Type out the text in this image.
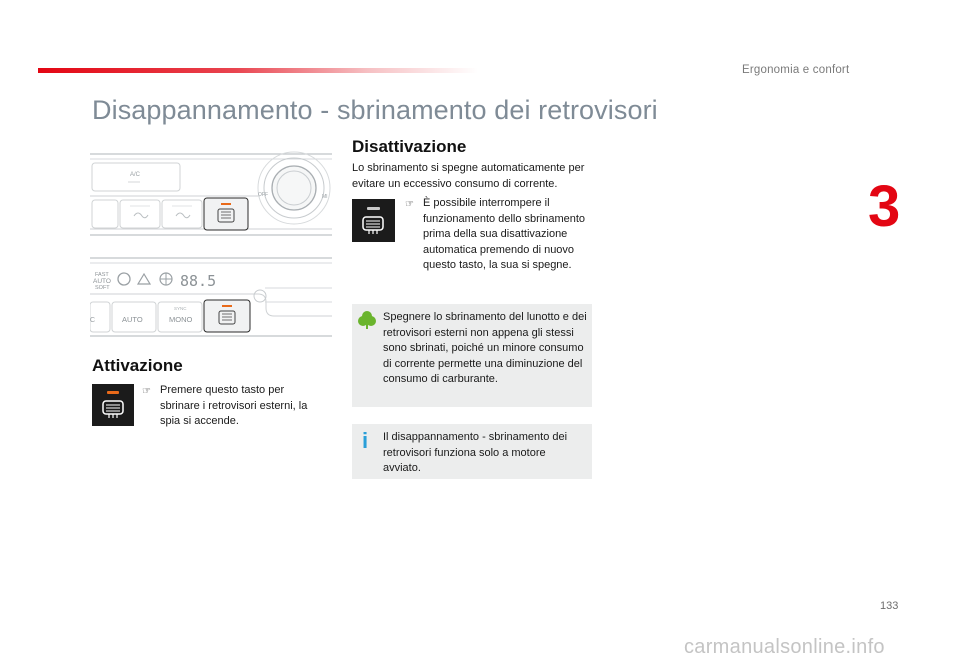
Ergonomia e confort
3
Disappannamento - sbrinamento dei retrovisori
A/C
OFF	MI
FAST
AUTO
SOFT	88.5
C	AUTO
SYNC
MONO
Attivazione
☞ Premere questo tasto per sbrinare i retrovisori esterni, la spia si accende.
Disattivazione
Lo sbrinamento si spegne automaticamente per evitare un eccessivo consumo di corrente.
☞ È possibile interrompere il funzionamento dello sbrinamento prima della sua disattivazione automatica premendo di nuovo questo tasto, la sua si spegne.
Spegnere lo sbrinamento del lunotto e dei retrovisori esterni non appena gli stessi sono sbrinati, poiché un minore consumo di corrente permette una diminuzione del consumo di carburante.
i Il disappannamento - sbrinamento dei retrovisori funziona solo a motore avviato.
133
carmanualsonline.info
